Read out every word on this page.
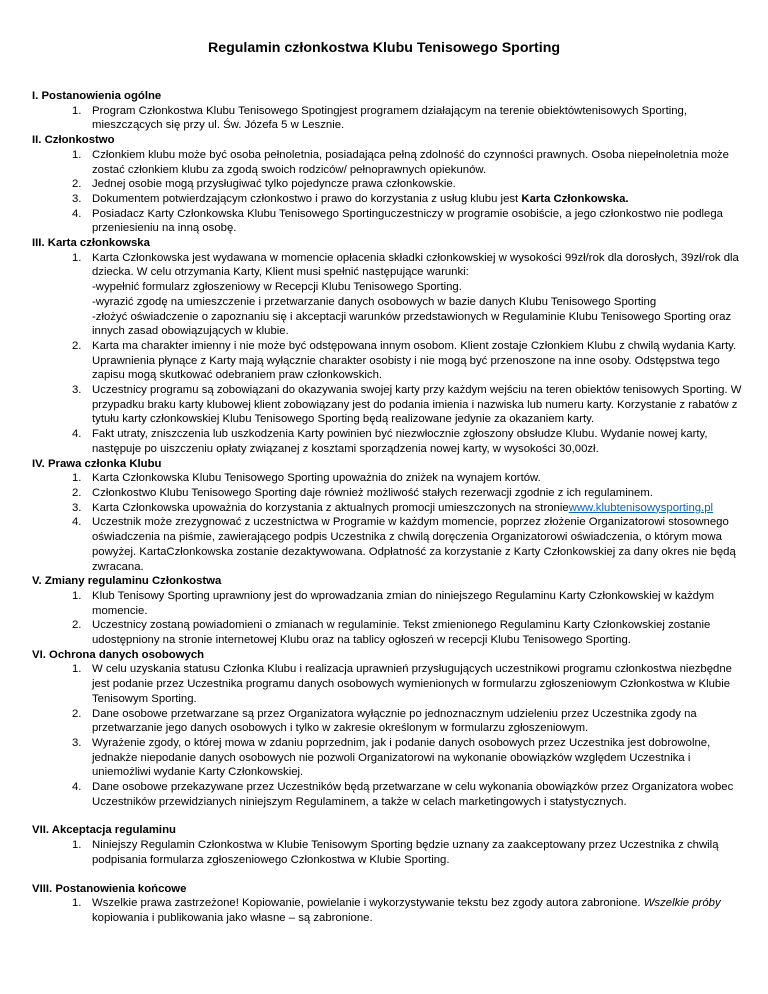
Regulamin członkostwa Klubu Tenisowego Sporting
I. Postanowienia ogólne
1. Program Członkostwa Klubu Tenisowego Spotingjest programem działającym na terenie obiektówtenisowych Sporting, mieszczących się przy ul. Św. Józefa 5 w Lesznie.
II. Członkostwo
1. Członkiem klubu może być osoba pełnoletnia, posiadająca pełną zdolność do czynności prawnych. Osoba niepełnoletnia może zostać członkiem klubu za zgodą swoich rodziców/ pełnoprawnych opiekunów.
2. Jednej osobie mogą przysługiwać tylko pojedyncze prawa członkowskie.
3. Dokumentem potwierdzającym członkostwo i prawo do korzystania z usług klubu jest Karta Członkowska.
4. Posiadacz Karty Członkowska Klubu Tenisowego Sportinguczestniczy w programie osobiście, a jego członkostwo nie podlega przeniesieniu na inną osobę.
III. Karta członkowska
1. Karta Członkowska jest wydawana w momencie opłacenia składki członkowskiej w wysokości 99zł/rok dla dorosłych, 39zł/rok dla dziecka. W celu otrzymania Karty, Klient musi spełnić następujące warunki:
-wypełnić formularz zgłoszeniowy w Recepcji Klubu Tenisowego Sporting.
-wyrazić zgodę na umieszczenie i przetwarzanie danych osobowych w bazie danych Klubu Tenisowego Sporting
-złożyć oświadczenie o zapoznaniu się i akceptacji warunków przedstawionych w Regulaminie Klubu Tenisowego Sporting oraz innych zasad obowiązujących w klubie.
2. Karta ma charakter imienny i nie może być odstępowana innym osobom. Klient zostaje Członkiem Klubu z chwilą wydania Karty. Uprawnienia płynące z Karty mają wyłącznie charakter osobisty i nie mogą być przenoszone na inne osoby. Odstępstwa tego zapisu mogą skutkować odebraniem praw członkowskich.
3. Uczestnicy programu są zobowiązani do okazywania swojej karty przy każdym wejściu na teren obiektów tenisowych Sporting. W przypadku braku karty klubowej klient zobowiązany jest do podania imienia i nazwiska lub numeru karty. Korzystanie z rabatów z tytułu karty członkowskiej Klubu Tenisowego Sporting będą realizowane jedynie za okazaniem karty.
4. Fakt utraty, zniszczenia lub uszkodzenia Karty powinien być niezwłocznie zgłoszony obsłudze Klubu. Wydanie nowej karty, następuje po uiszczeniu opłaty związanej z kosztami sporządzenia nowej karty, w wysokości 30,00zł.
IV. Prawa członka Klubu
1. Karta Członkowska Klubu Tenisowego Sporting upoważnia do zniżek na wynajem kortów.
2. Członkostwo Klubu Tenisowego Sporting daje również możliwość stałych rezerwacji zgodnie z ich regulaminem.
3. Karta Członkowska upoważnia do korzystania z aktualnych promocji umieszczonych na stroniewww.klubtenisowysporting.pl
4. Uczestnik może zrezygnować z uczestnictwa w Programie w każdym momencie, poprzez złożenie Organizatorowi stosownego oświadczenia na piśmie, zawierającego podpis Uczestnika z chwilą doręczenia Organizatorowi oświadczenia, o którym mowa powyżej. KartaCzłonkowska zostanie dezaktywowana. Odpłatność za korzystanie z Karty Członkowskiej za dany okres nie będą zwracana.
V. Zmiany regulaminu Członkostwa
1. Klub Tenisowy Sporting uprawniony jest do wprowadzania zmian do niniejszego Regulaminu Karty Członkowskiej w każdym momencie.
2. Uczestnicy zostaną powiadomieni o zmianach w regulaminie. Tekst zmienionego Regulaminu Karty Członkowskiej zostanie udostępniony na stronie internetowej Klubu oraz na tablicy ogłoszeń w recepcji Klubu Tenisowego Sporting.
VI. Ochrona danych osobowych
1. W celu uzyskania statusu Członka Klubu i realizacja uprawnień przysługujących uczestnikowi programu członkostwa niezbędne jest podanie przez Uczestnika programu danych osobowych wymienionych w formularzu zgłoszeniowym Członkostwa w Klubie Tenisowym Sporting.
2. Dane osobowe przetwarzane są przez Organizatora wyłącznie po jednoznacznym udzieleniu przez Uczestnika zgody na przetwarzanie jego danych osobowych i tylko w zakresie określonym w formularzu zgłoszeniowym.
3. Wyrażenie zgody, o której mowa w zdaniu poprzednim, jak i podanie danych osobowych przez Uczestnika jest dobrowolne, jednakże niepodanie danych osobowych nie pozwoli Organizatorowi na wykonanie obowiązków względem Uczestnika i uniemożliwi wydanie Karty Członkowskiej.
4. Dane osobowe przekazywane przez Uczestników będą przetwarzane w celu wykonania obowiązków przez Organizatora wobec Uczestników przewidzianych niniejszym Regulaminem, a także w celach marketingowych i statystycznych.
VII. Akceptacja regulaminu
1. Niniejszy Regulamin Członkostwa w Klubie Tenisowym Sporting będzie uznany za zaakceptowany przez Uczestnika z chwilą podpisania formularza zgłoszeniowego Członkostwa w Klubie Sporting.
VIII. Postanowienia końcowe
1. Wszelkie prawa zastrzeżone! Kopiowanie, powielanie i wykorzystywanie tekstu bez zgody autora zabronione. Wszelkie próby kopiowania i publikowania jako własne – są zabronione.
